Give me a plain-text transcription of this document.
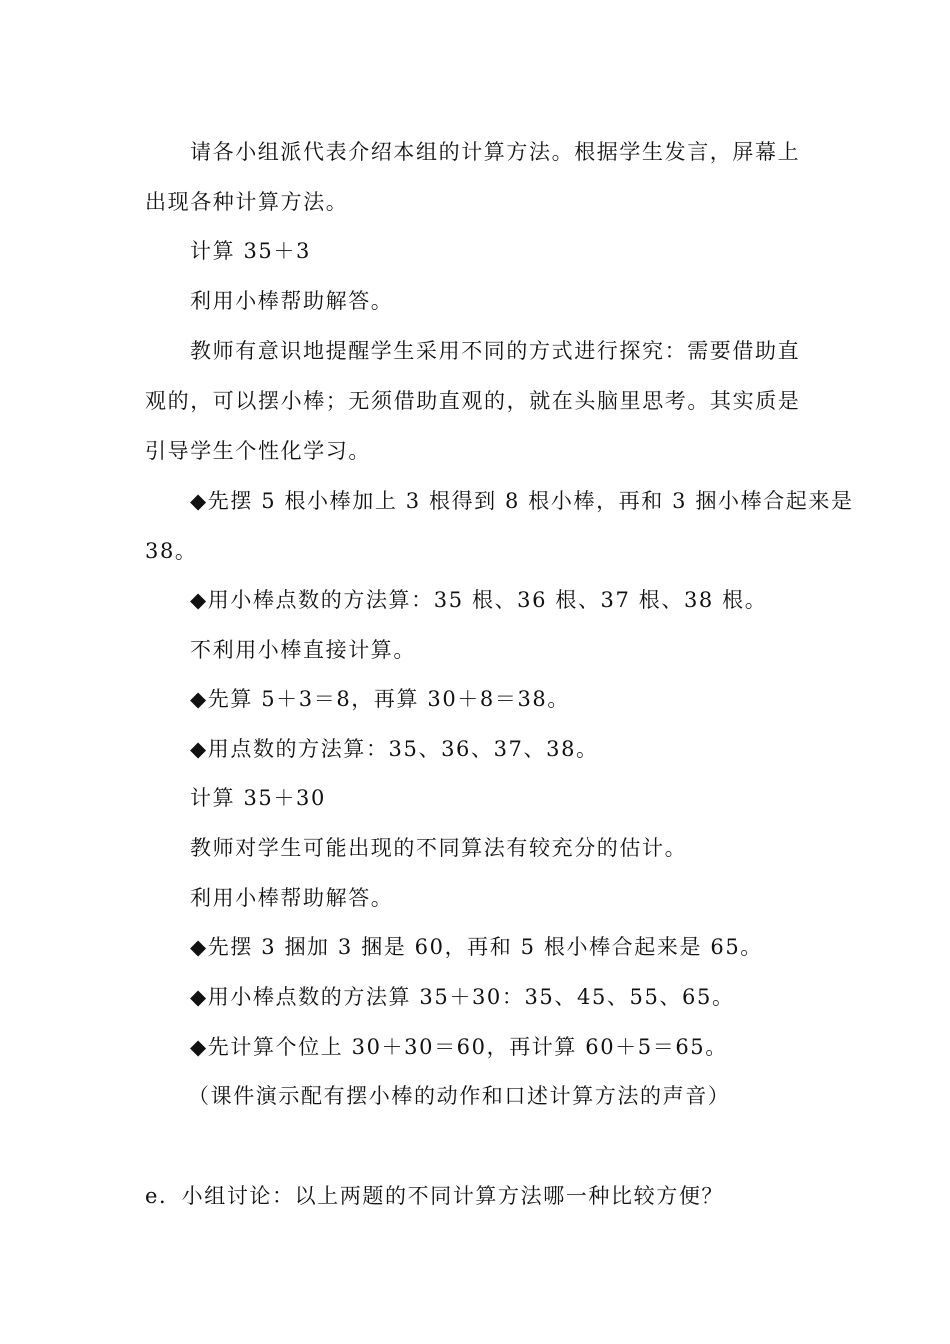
请各小组派代表介绍本组的计算方法。根据学生发言，屏幕上
出现各种计算方法。
计算 35＋3
利用小棒帮助解答。
教师有意识地提醒学生采用不同的方式进行探究：需要借助直
观的，可以摆小棒；无须借助直观的，就在头脑里思考。其实质是
引导学生个性化学习。
◆先摆 5 根小棒加上 3 根得到 8 根小棒，再和 3 捆小棒合起来是
38。
◆用小棒点数的方法算：35 根、36 根、37 根、38 根。
不利用小棒直接计算。
◆先算 5＋3＝8，再算 30＋8＝38。
◆用点数的方法算：35、36、37、38。
计算 35＋30
教师对学生可能出现的不同算法有较充分的估计。
利用小棒帮助解答。
◆先摆 3 捆加 3 捆是 60，再和 5 根小棒合起来是 65。
◆用小棒点数的方法算 35＋30：35、45、55、65。
◆先计算个位上 30＋30＝60，再计算 60＋5＝65。
（课件演示配有摆小棒的动作和口述计算方法的声音）
e．小组讨论：以上两题的不同计算方法哪一种比较方便？
